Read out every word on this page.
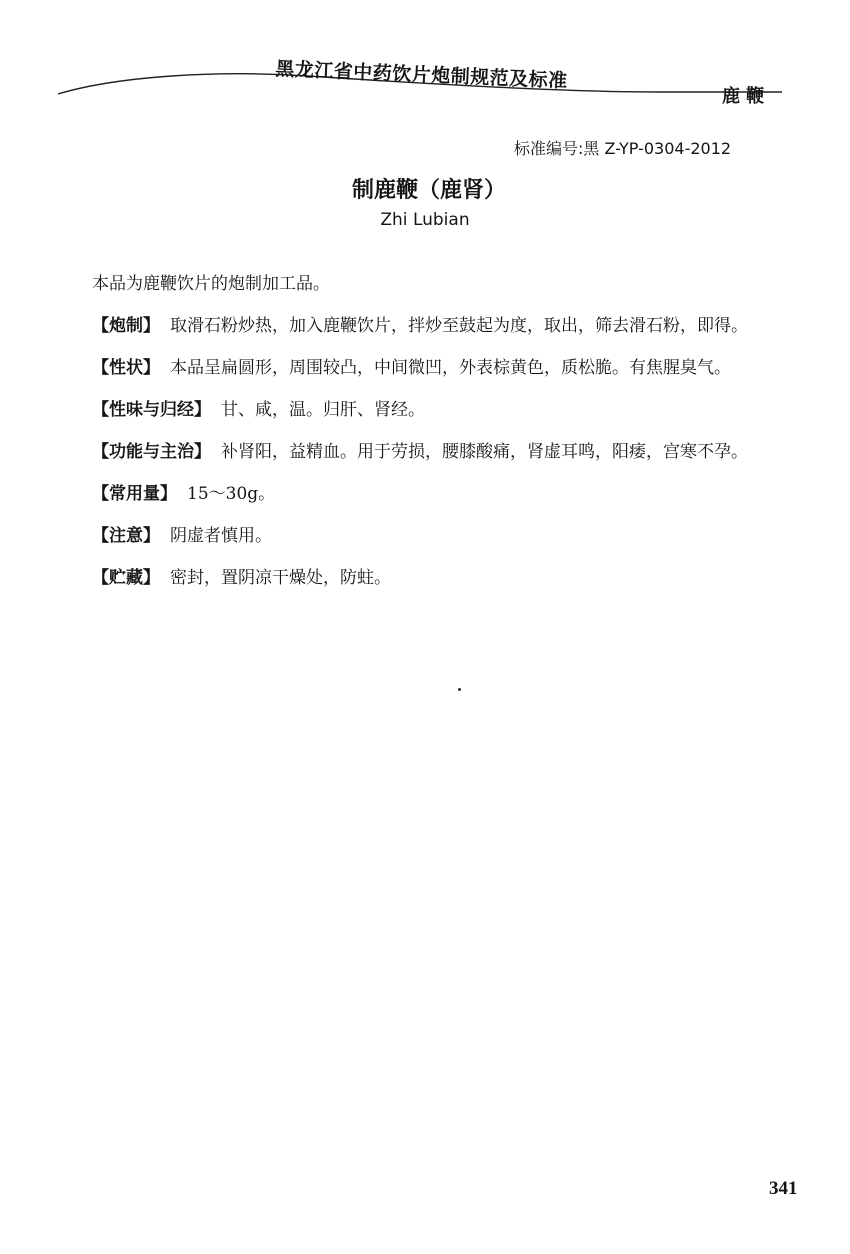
黑龙江省中药饮片炮制规范及标准
鹿鞭
标准编号:黑 Z-YP-0304-2012
制鹿鞭（鹿肾）
Zhi Lubian

本品为鹿鞭饮片的炮制加工品。

【炮制】 取滑石粉炒热，加入鹿鞭饮片，拌炒至鼓起为度，取出，筛去滑石粉，即得。

【性状】 本品呈扁圆形，周围较凸，中间微凹，外表棕黄色，质松脆。有焦腥臭气。

【性味与归经】 甘、咸，温。归肝、肾经。

【功能与主治】 补肾阳，益精血。用于劳损，腰膝酸痛，肾虚耳鸣，阳痿，宫寒不孕。

【常用量】 15～30g。

【注意】 阴虚者慎用。

【贮藏】 密封，置阴凉干燥处，防蛀。

341
